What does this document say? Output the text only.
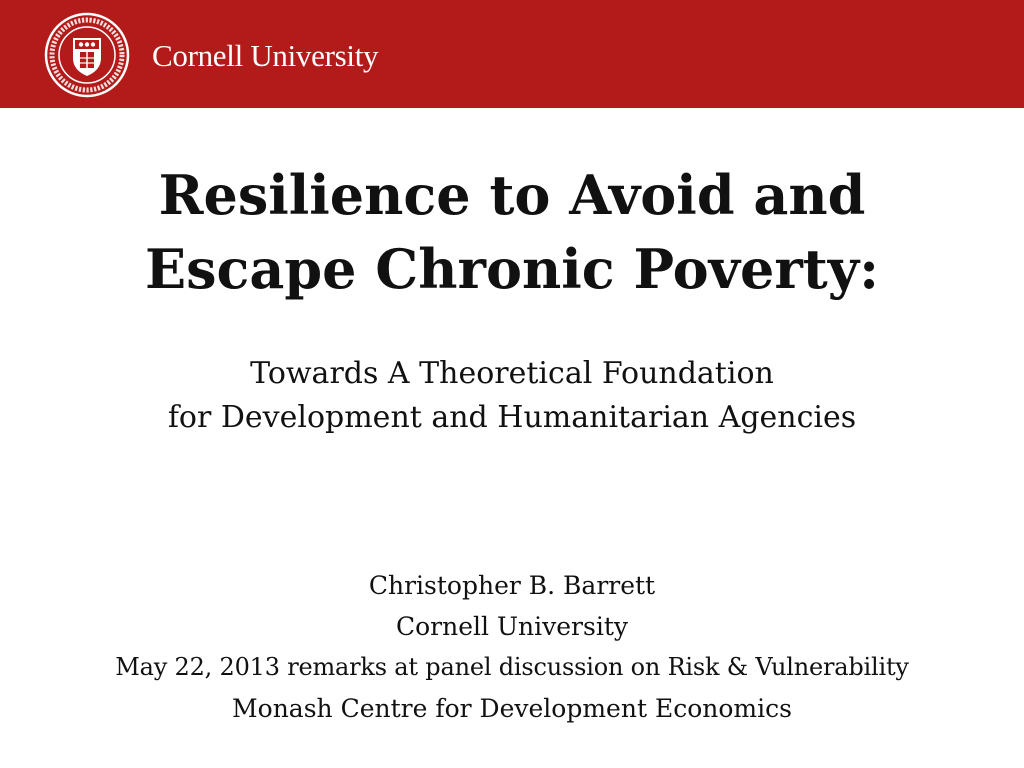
Cornell University
Resilience to Avoid and
Escape Chronic Poverty:
Towards A Theoretical Foundation
for Development and Humanitarian Agencies
Christopher B. Barrett
Cornell University
May 22, 2013 remarks at panel discussion on Risk & Vulnerability
Monash Centre for Development Economics
